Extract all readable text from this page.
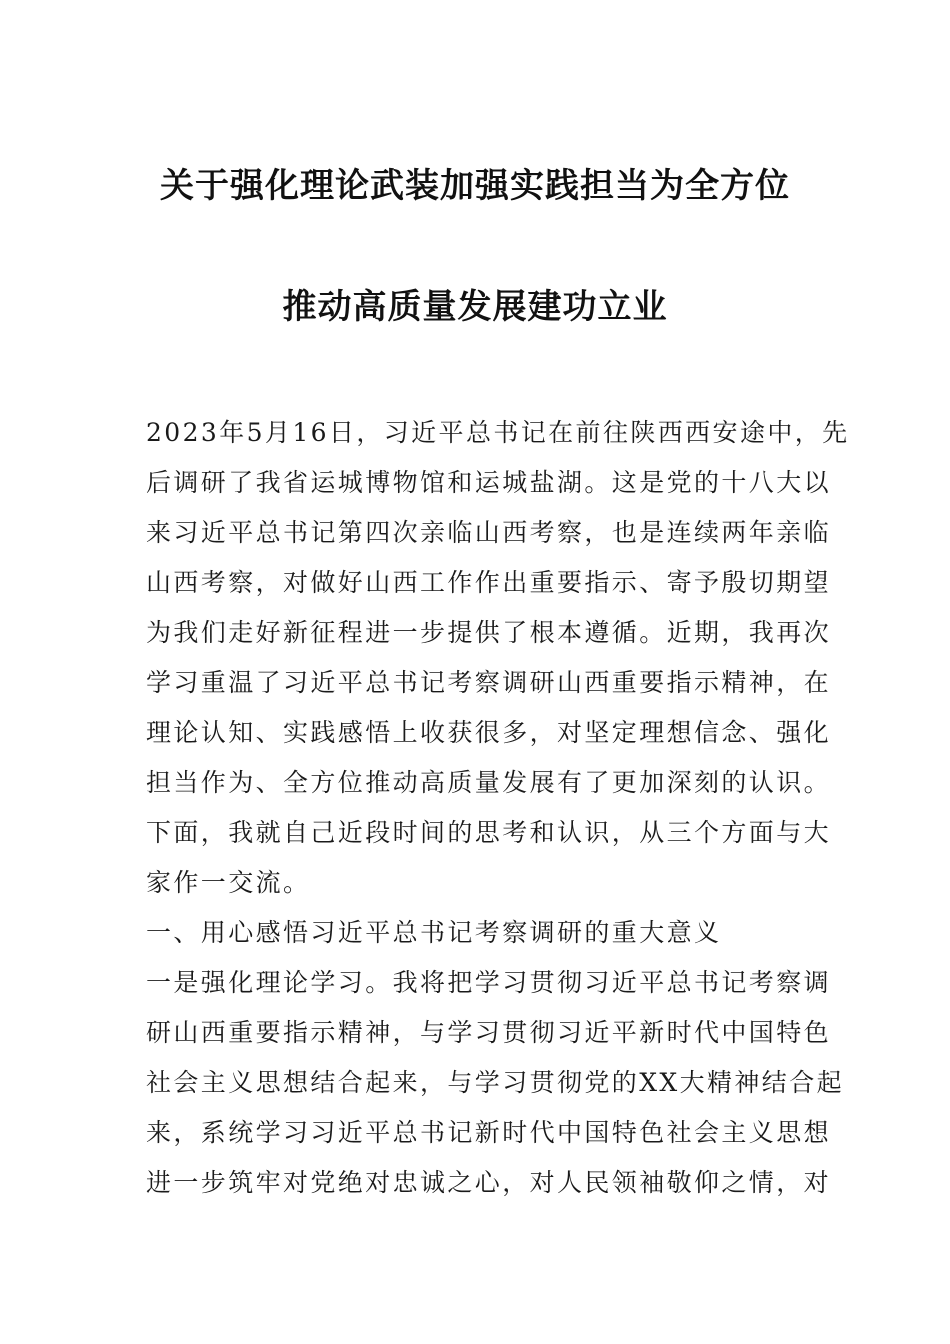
关于强化理论武装加强实践担当为全方位
推动高质量发展建功立业
2023年5月16日，习近平总书记在前往陕西西安途中，先
后调研了我省运城博物馆和运城盐湖。这是党的十八大以
来习近平总书记第四次亲临山西考察，也是连续两年亲临
山西考察，对做好山西工作作出重要指示、寄予殷切期望
为我们走好新征程进一步提供了根本遵循。近期，我再次
学习重温了习近平总书记考察调研山西重要指示精神，在
理论认知、实践感悟上收获很多，对坚定理想信念、强化
担当作为、全方位推动高质量发展有了更加深刻的认识。
下面，我就自己近段时间的思考和认识，从三个方面与大
家作一交流。
一、用心感悟习近平总书记考察调研的重大意义
一是强化理论学习。我将把学习贯彻习近平总书记考察调
研山西重要指示精神，与学习贯彻习近平新时代中国特色
社会主义思想结合起来，与学习贯彻党的XX大精神结合起
来，系统学习习近平总书记新时代中国特色社会主义思想
进一步筑牢对党绝对忠诚之心，对人民领袖敬仰之情，对
